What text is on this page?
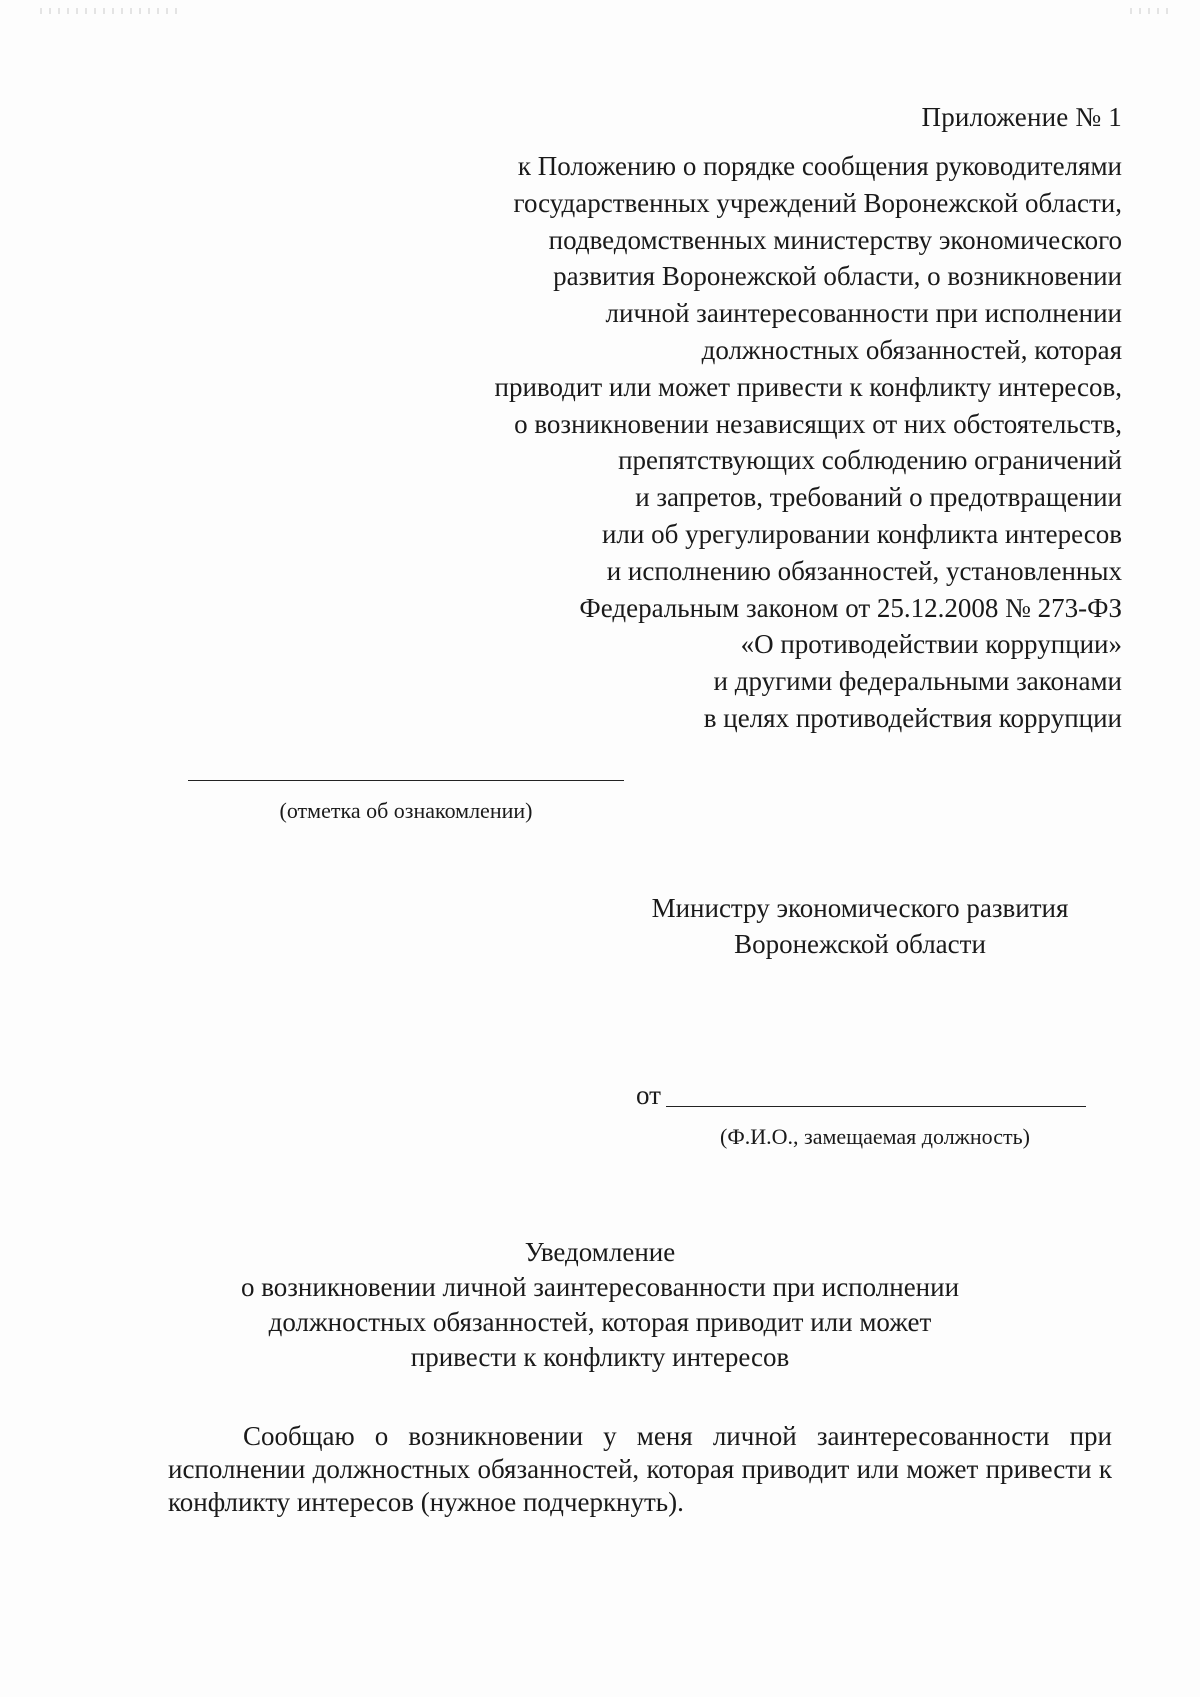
Приложение № 1
к Положению о порядке сообщения руководителями
государственных учреждений Воронежской области,
подведомственных министерству экономического
развития Воронежской области, о возникновении
личной заинтересованности при исполнении
должностных обязанностей, которая
приводит или может привести к конфликту интересов,
о возникновении независящих от них обстоятельств,
препятствующих соблюдению ограничений
и запретов, требований о предотвращении
или об урегулировании конфликта интересов
и исполнению обязанностей, установленных
Федеральным законом от 25.12.2008 № 273-ФЗ
«О противодействии коррупции»
и другими федеральными законами
в целях противодействия коррупции
(отметка об ознакомлении)
Министру экономического развития
Воронежской области
от
(Ф.И.О., замещаемая должность)
Уведомление
о возникновении личной заинтересованности при исполнении
должностных обязанностей, которая приводит или может
привести к конфликту интересов

Сообщаю о возникновении у меня личной заинтересованности при исполнении должностных обязанностей, которая приводит или может привести к конфликту интересов (нужное подчеркнуть).
